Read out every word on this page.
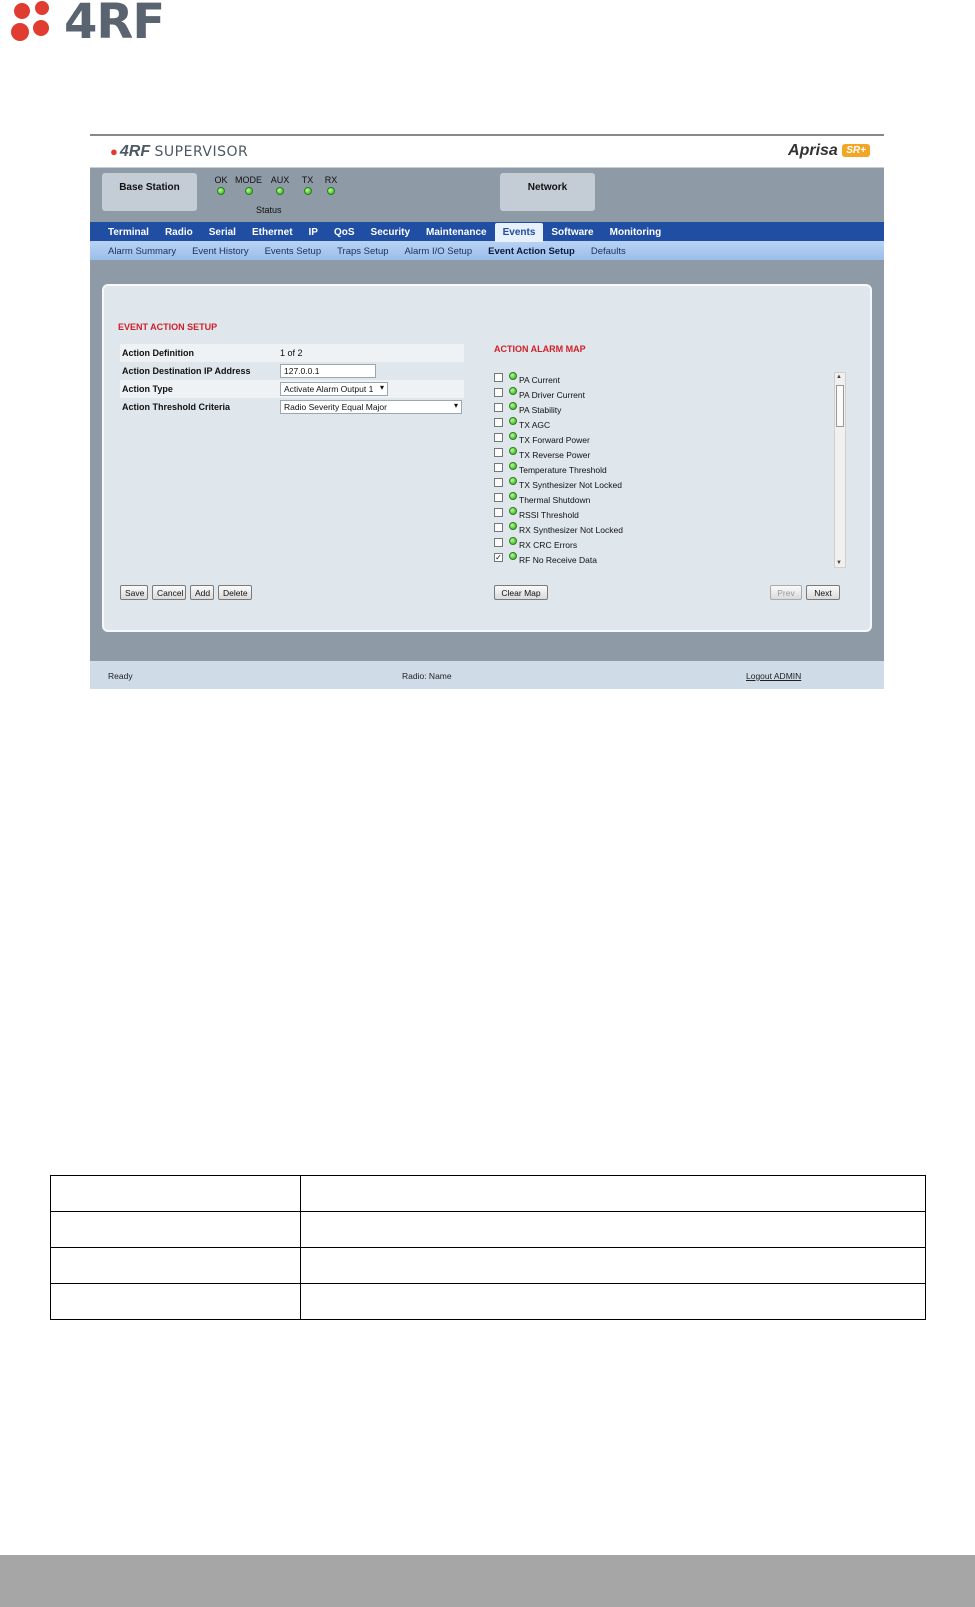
4RF
● 4RF SUPERVISOR	Aprisa SR+
Base Station
OK MODE AUX TX RX
Status
Network
Terminal Radio Serial Ethernet IP QoS Security Maintenance Events Software Monitoring
Alarm Summary Event History Events Setup Traps Setup Alarm I/O Setup Event Action Setup Defaults
EVENT ACTION SETUP
Action Definition	1 of 2
Action Destination IP Address	127.0.0.1
Action Type	Activate Alarm Output 1 ▾
Action Threshold Criteria	Radio Severity Equal Major	▾
ACTION ALARM MAP
PA Current
PA Driver Current
PA Stability
TX AGC
TX Forward Power
TX Reverse Power
Temperature Threshold
TX Synthesizer Not Locked
Thermal Shutdown
RSSI Threshold
RX Synthesizer Not Locked
RX CRC Errors
✓ RF No Receive Data
▲
▼
Save	Cancel	Add	Delete	Clear Map	Prev	Next
Ready	Radio: Name	Logout ADMIN
